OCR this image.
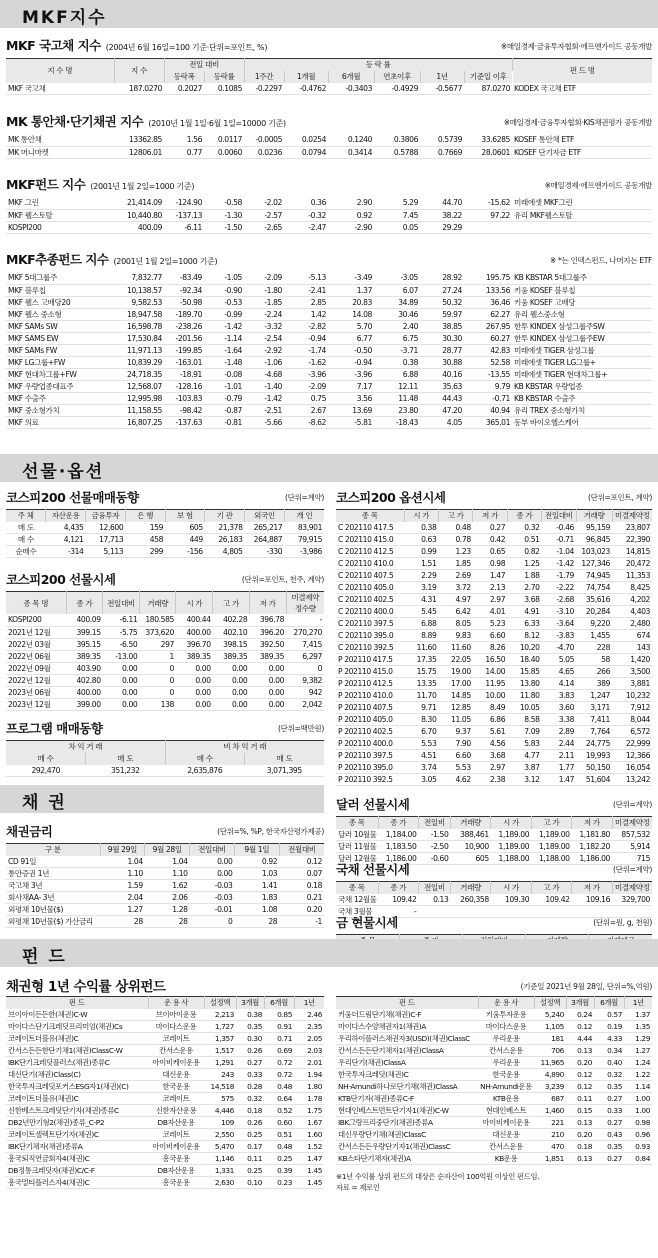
MKF지수
MKF 국고채 지수 (2004년 6월 16일=100 기준·단위=포인트, %)	※매일경제·금융투자협회·에프앤가이드 공동개발
지 수 명	지 수	전일 대비		등 락 률						펀 드 명
		등락폭	등락률	1주간	1개월	6개월	연초이후	1년	기준일 이후	
MKF 국고채	187.0270	0.2027	0.1085	-0.2297	-0.4762	-0.3403	-0.4929	-0.5677	87.0270	KODEX 국고채 ETF
MK 통안채·단기채권 지수 (2010년 1월 1일·6월 1일=10000 기준)	※매일경제·금융투자협회·KIS채권평가 공동개발
MK 통안채	13362.85	1.56	0.0117	-0.0005	0.0254	0.1240	0.3806	0.5739	33.6285	KOSEF 통안채 ETF
MK 머니마켓	12806.01	0.77	0.0060	0.0236	0.0794	0.3414	0.5788	0.7669	28.0601	KOSEF 단기자금 ETF
MKF펀드 지수 (2001년 1월 2일=1000 기준)	※매일경제·에프앤가이드 공동개발
MKF 그린	21,414.09	-124.90	-0.58	-2.02	0.36	2.90	5.29	44.70	-15.62	미래에셋 MKF그린
MKF 웰스토탈	10,440.80	-137.13	-1.30	-2.57	-0.32	0.92	7.45	38.22	97.22	유리 MKF웰스토탈
KOSPI200	400.09	-6.11	-1.50	-2.65	-2.47	-2.90	0.05	29.29		
MKF추종펀드 지수 (2001년 1월 2일=1000 기준)	※ *는 인덱스펀드, 나머지는 ETF
MKF 5대그룹주	7,832.77	-83.49	-1.05	-2.09	-5.13	-3.49	-3.05	28.92	195.75	KB KBSTAR 5대그룹주
MKF 블루칩	10,138.57	-92.34	-0.90	-1.80	-2.41	1.37	6.07	27.24	133.56	키움 KOSEF 블루칩
MKF 웰스 고배당20	9,582.53	-50.98	-0.53	-1.85	2.85	20.83	34.89	50.32	36.46	키움 KOSEF 고배당
MKF 웰스 중소형	18,947.58	-189.70	-0.99	-2.24	1.42	14.08	30.46	59.97	62.27	유리 웰스중소형
MKF SAMs SW	16,598.78	-238.26	-1.42	-3.32	-2.82	5.70	2.40	38.85	267.95	한투 KINDEX 삼성그룹주SW
MKF SAMS EW	17,530.84	-201.56	-1.14	-2.54	-0.94	6.77	6.75	30.30	60.27	한투 KINDEX 삼성그룹주EW
MKF SAMs FW	11,971.13	-199.85	-1.64	-2.92	-1.74	-0.50	-3.71	28.77	42.83	미래에셋 TIGER 삼성그룹
MKF LG그룹+FW	10,839.29	-163.01	-1.48	-1.06	-1.62	-0.94	0.38	30.88	52.58	미래에셋 TIGER LG그룹+
MKF 현대차그룹+FW	24,718.35	-18.91	-0.08	-4.68	-3.96	-3.96	6.88	40.16	-13.55	미래에셋 TIGER 현대차그룹+
MKF 우량업종대표주	12,568.07	-128.16	-1.01	-1.40	-2.09	7.17	12.11	35.63	9.79	KB KBSTAR 우량업종
MKF 수출주	12,995.98	-103.83	-0.79	-1.42	0.75	3.56	11.48	44.43	-0.71	KB KBSTAR 수출주
MKF 중소형가치	11,158.55	-98.42	-0.87	-2.51	2.67	13.69	23.80	47.20	40.94	유리 TREX 중소형가치
MKF 의료	16,807.25	-137.63	-0.81	-5.66	-8.62	-5.81	-18.43	4.05	365.01	동부 바이오헬스케어
선물·옵션
코스피200 선물매매동향	(단위=계약)
주 체	자산운용	금융투자	은 행	보 험	기 관	외국인	개 인
매 도	4,435	12,600	159	605	21,378	265,217	83,901
매 수	4,121	17,713	458	449	26,183	264,887	79,915
순매수	-314	5,113	299	-156	4,805	-330	-3,986
코스피200 선물시세	(단위=포인트, 천주, 계약)
종 목 명	종 가	전일대비	거래량	시 가	고 가	저 가	미결제약정수량
KOSPI200	400.09	-6.11	180.585	400.44	402.28	396.78	-
2021년 12월	399.15	-5.75	373,620	400.00	402.10	396.20	270,270
2022년 03월	395.15	-6.50	297	396.70	398.15	392.50	7,415
2022년 06월	389.35	-13.00	1	389.35	389.35	389.35	6,297
2022년 09월	403.90	0.00	0	0.00	0.00	0.00	0
2022년 12월	402.80	0.00	0	0.00	0.00	0.00	9,382
2023년 06월	400.00	0.00	0	0.00	0.00	0.00	942
2023년 12월	399.00	0.00	138	0.00	0.00	0.00	2,042
프로그램 매매동향	(단위=백만원)
차 익 거 래		비 차 익 거 래	
매 수	매 도	매 수	매 도
292,470	351,232	2,635,876	3,071,395
채 권
채권금리	(단위=%, %P, 한국자산평가제공)
구 분	9월 29일	9월 28일	전일대비	9월 1일	전월대비
CD 91일	1.04	1.04	0.00	0.92	0.12
통안증권 1년	1.10	1.10	0.00	1.03	0.07
국고채 3년	1.59	1.62	-0.03	1.41	0.18
회사채AA- 3년	2.04	2.06	-0.03	1.83	0.21
외평채 10년물($)	1.27	1.28	-0.01	1.08	0.20
외평채 10년물($) 가산금리	28	28	0	28	-1
코스피200 옵션시세	(단위=포인트, 계약)
종 목	시 가	고 가	저 가	종 가	전일대비	거래량	미결제약정
C 202110 417.5	0.38	0.48	0.27	0.32	-0.46	95,159	23,807
C 202110 415.0	0.63	0.78	0.42	0.51	-0.71	96,845	22,390
C 202110 412.5	0.99	1.23	0.65	0.82	-1.04	103,023	14,815
C 202110 410.0	1.51	1.85	0.98	1.25	-1.42	127,346	20,472
C 202110 407.5	2.29	2.69	1.47	1.88	-1.79	74,945	11,353
C 202110 405.0	3.19	3.72	2.13	2.70	-2.22	74,754	8,425
C 202110 402.5	4.31	4.97	2.97	3.68	-2.68	35,616	4,202
C 202110 400.0	5.45	6.42	4.01	4.91	-3.10	20,284	4,403
C 202110 397.5	6.88	8.05	5.23	6.33	-3.64	9,220	2,480
C 202110 395.0	8.89	9.83	6.60	8.12	-3.83	1,455	674
C 202110 392.5	11.60	11.60	8.26	10.20	-4.70	228	143
P 202110 417.5	17.35	22.05	16.50	18.40	5.05	58	1,420
P 202110 415.0	15.75	19.00	14.00	15.85	4.65	266	3,500
P 202110 412.5	13.35	17.00	11.95	13.80	4.14	389	3,881
P 202110 410.0	11.70	14.85	10.00	11.80	3.83	1,247	10,232
P 202110 407.5	9.71	12.85	8.49	10.05	3.60	3,171	7,912
P 202110 405.0	8.30	11.05	6.86	8.58	3.38	7,411	8,044
P 202110 402.5	6.70	9.37	5.61	7.09	2.89	7,764	6,572
P 202110 400.0	5.53	7.90	4.56	5.83	2.44	24,775	22,999
P 202110 397.5	4.51	6.60	3.68	4.77	2.11	19,993	12,366
P 202110 395.0	3.74	5.53	2.97	3.87	1.77	50,150	16,054
P 202110 392.5	3.05	4.62	2.38	3.12	1.47	51,604	13,242
달러 선물시세	(단위=계약)
종 목	종 가	전일비	거래량	시 가	고 가	저 가	미결제약정
달러 10월물	1,184.00	-1.50	388,461	1,189.00	1,189.00	1,181.80	857,532
달러 11월물	1,183.50	-2.50	10,900	1,189.00	1,189.00	1,182.20	5,914
달러 12월물	1,186.00	-0.60	605	1,188.00	1,188.00	1,186.00	715
국채 선물시세	(단위=계약)
종 목	종 가	전일비	거래량	시 가	고 가	저 가	미결제약정
국채 12월물	109.42	0.13	260,358	109.30	109.42	109.16	329,700
국채 3월물	-						
금 현물시세	(단위=원, g, 천원)

펀 드
채권형 1년 수익률 상위펀드	(기준일 2021년 9월 28일, 단위=%,억원)
펀 드	운 용 사	설정액	3개월	6개월	1년
브이아이든든한(채권)C-W	브이아이운용	2,213	0.38	0.85	2.46
마이다스단기크레딧프리미엄(채권)Cs	마이다스운용	1,727	0.35	0.91	2.35
코레이트더블유(채권)C	코레이트	1,357	0.30	0.71	2.05
칸서스든든한단기채1(채권)ClassC-W	칸서스운용	1,517	0.26	0.69	2.03
IBK단기크레딧플러스(채권)종류C	아이비케이운용	1,291	0.27	0.72	2.01
대신단기(채권)Class(C)	대신운용	243	0.33	0.72	1.94
한국투자크레딧포커스ESG자1(채권)(C)	한국운용	14,518	0.28	0.48	1.80
코레이트더블유(채권)C	코레이트	575	0.32	0.64	1.78
신한베스트크레딧단기자(채권)종류C	신한자산운용	4,446	0.18	0.52	1.75
DB2년만기형2(채권)종류_C-P2	DB자산운용	109	0.26	0.60	1.67
코레이트셀렉트단기자(채권)C	코레이트	2,550	0.25	0.51	1.60
IBK단기채자(채권)종류A	아이비케이운용	5,470	0.17	0.48	1.52
흥국퇴직연금회자4(채권)C	흥국운용	1,146	0.11	0.25	1.47
DB정통크레딧자(채권)C/C-F	DB자산운용	1,331	0.25	0.39	1.45
흥국멀티플러스자4(채권)C	흥국운용	2,630	0.10	0.23	1.45
펀 드	운 용 사	설정액	3개월	6개월	1년
키움더드림단기채(채권)C-F	키움투자운용	5,240	0.24	0.57	1.37
마이다스수양채권자1(채권)A	마이다스운용	1,105	0.12	0.19	1.35
우리하이플러스채권자3(USD)(채권)ClassC	우리운용	181	4.44	4.33	1.29
칸서스든든단기채자1(채권)ClassA	칸서스운용	706	0.13	0.34	1.27
우리단기(채권)ClassA	우리운용	11,965	0.20	0.40	1.24
한국투자크레딧(채권)C	한국운용	4,890	0.12	0.32	1.22
NH-Amundi하나로단기채(채권)ClassA	NH-Amundi운용	3,239	0.12	0.35	1.14
KTB단기자(채권)종류C-F	KTB운용	687	0.11	0.27	1.00
현대인베스트먼트단기자1(채권)C-W	현대인베스트	1,460	0.15	0.33	1.00
IBK그랑프리중단기(채권)종류A	아이비케이운용	221	0.13	0.27	0.98
대신우량단기채(채권)ClassC	대신운용	210	0.20	0.43	0.96
칸서스든든우량단기자1(채권)ClassC	칸서스운용	470	0.18	0.35	0.93
KB스타단기채자(채권)A	KB운용	1,851	0.13	0.27	0.84
※1년 수익률 상위 펀드의 대상은 순자산이 100억원 이상인 펀드임.
자료 = 제로인
